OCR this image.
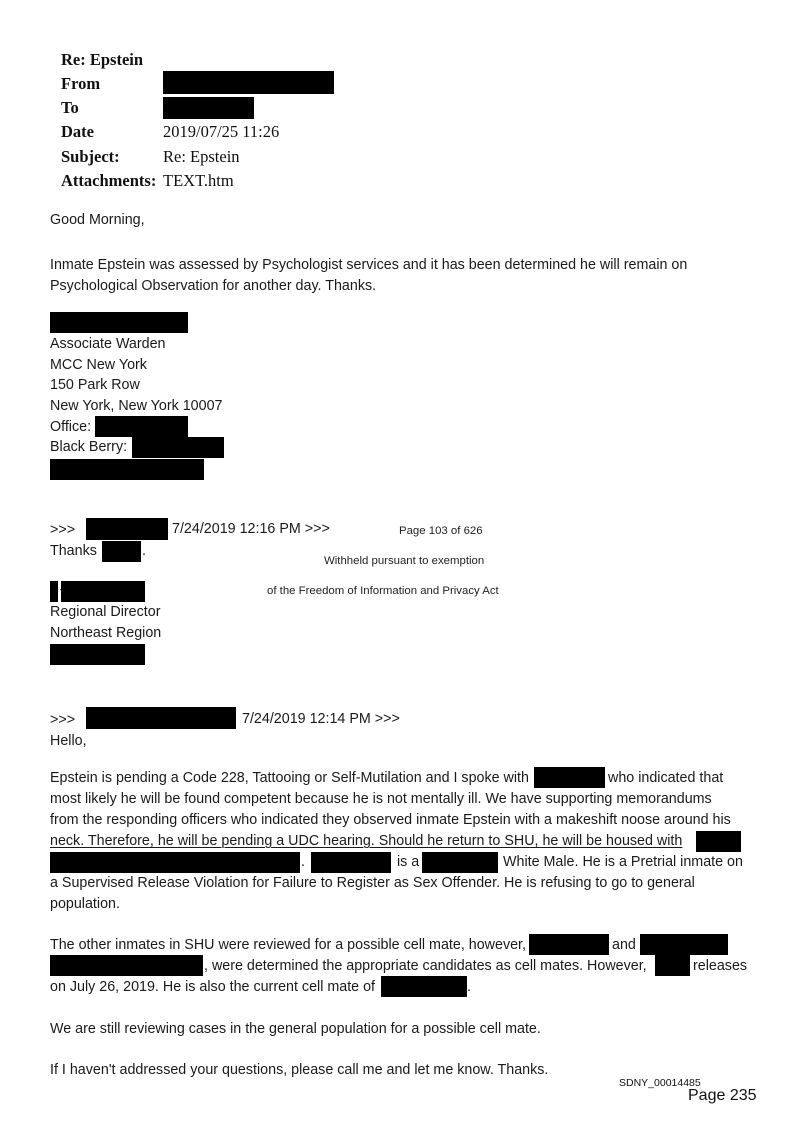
Re: Epstein
From
To
Date	2019/07/25 11:26
Subject:	Re: Epstein
Attachments: TEXT.htm
Good Morning,
Inmate Epstein was assessed by Psychologist services and it has been determined he will remain on
Psychological Observation for another day. Thanks.
Associate Warden
MCC New York
150 Park Row
New York, New York 10007
Office:
Black Berry:
>>>	7/24/2019 12:16 PM >>>
Thanks	.
Regional Director
Northeast Region
Page 103 of 626
Withheld pursuant to exemption
of the Freedom of Information and Privacy Act
>>>	7/24/2019 12:14 PM >>>
Hello,
Epstein is pending a Code 228, Tattooing or Self-Mutilation and I spoke with	who indicated that
most likely he will be found competent because he is not mentally ill. We have supporting memorandums
from the responding officers who indicated they observed inmate Epstein with a makeshift noose around his
neck. Therefore, he will be pending a UDC hearing. Should he return to SHU, he will be housed with
.	is a	White Male. He is a Pretrial inmate on
a Supervised Release Violation for Failure to Register as Sex Offender. He is refusing to go to general
population.
The other inmates in SHU were reviewed for a possible cell mate, however,	and
, were determined the appropriate candidates as cell mates. However,	releases
on July 26, 2019. He is also the current cell mate of	.
We are still reviewing cases in the general population for a possible cell mate.
If I haven't addressed your questions, please call me and let me know. Thanks.
SDNY_00014485
Page 235
